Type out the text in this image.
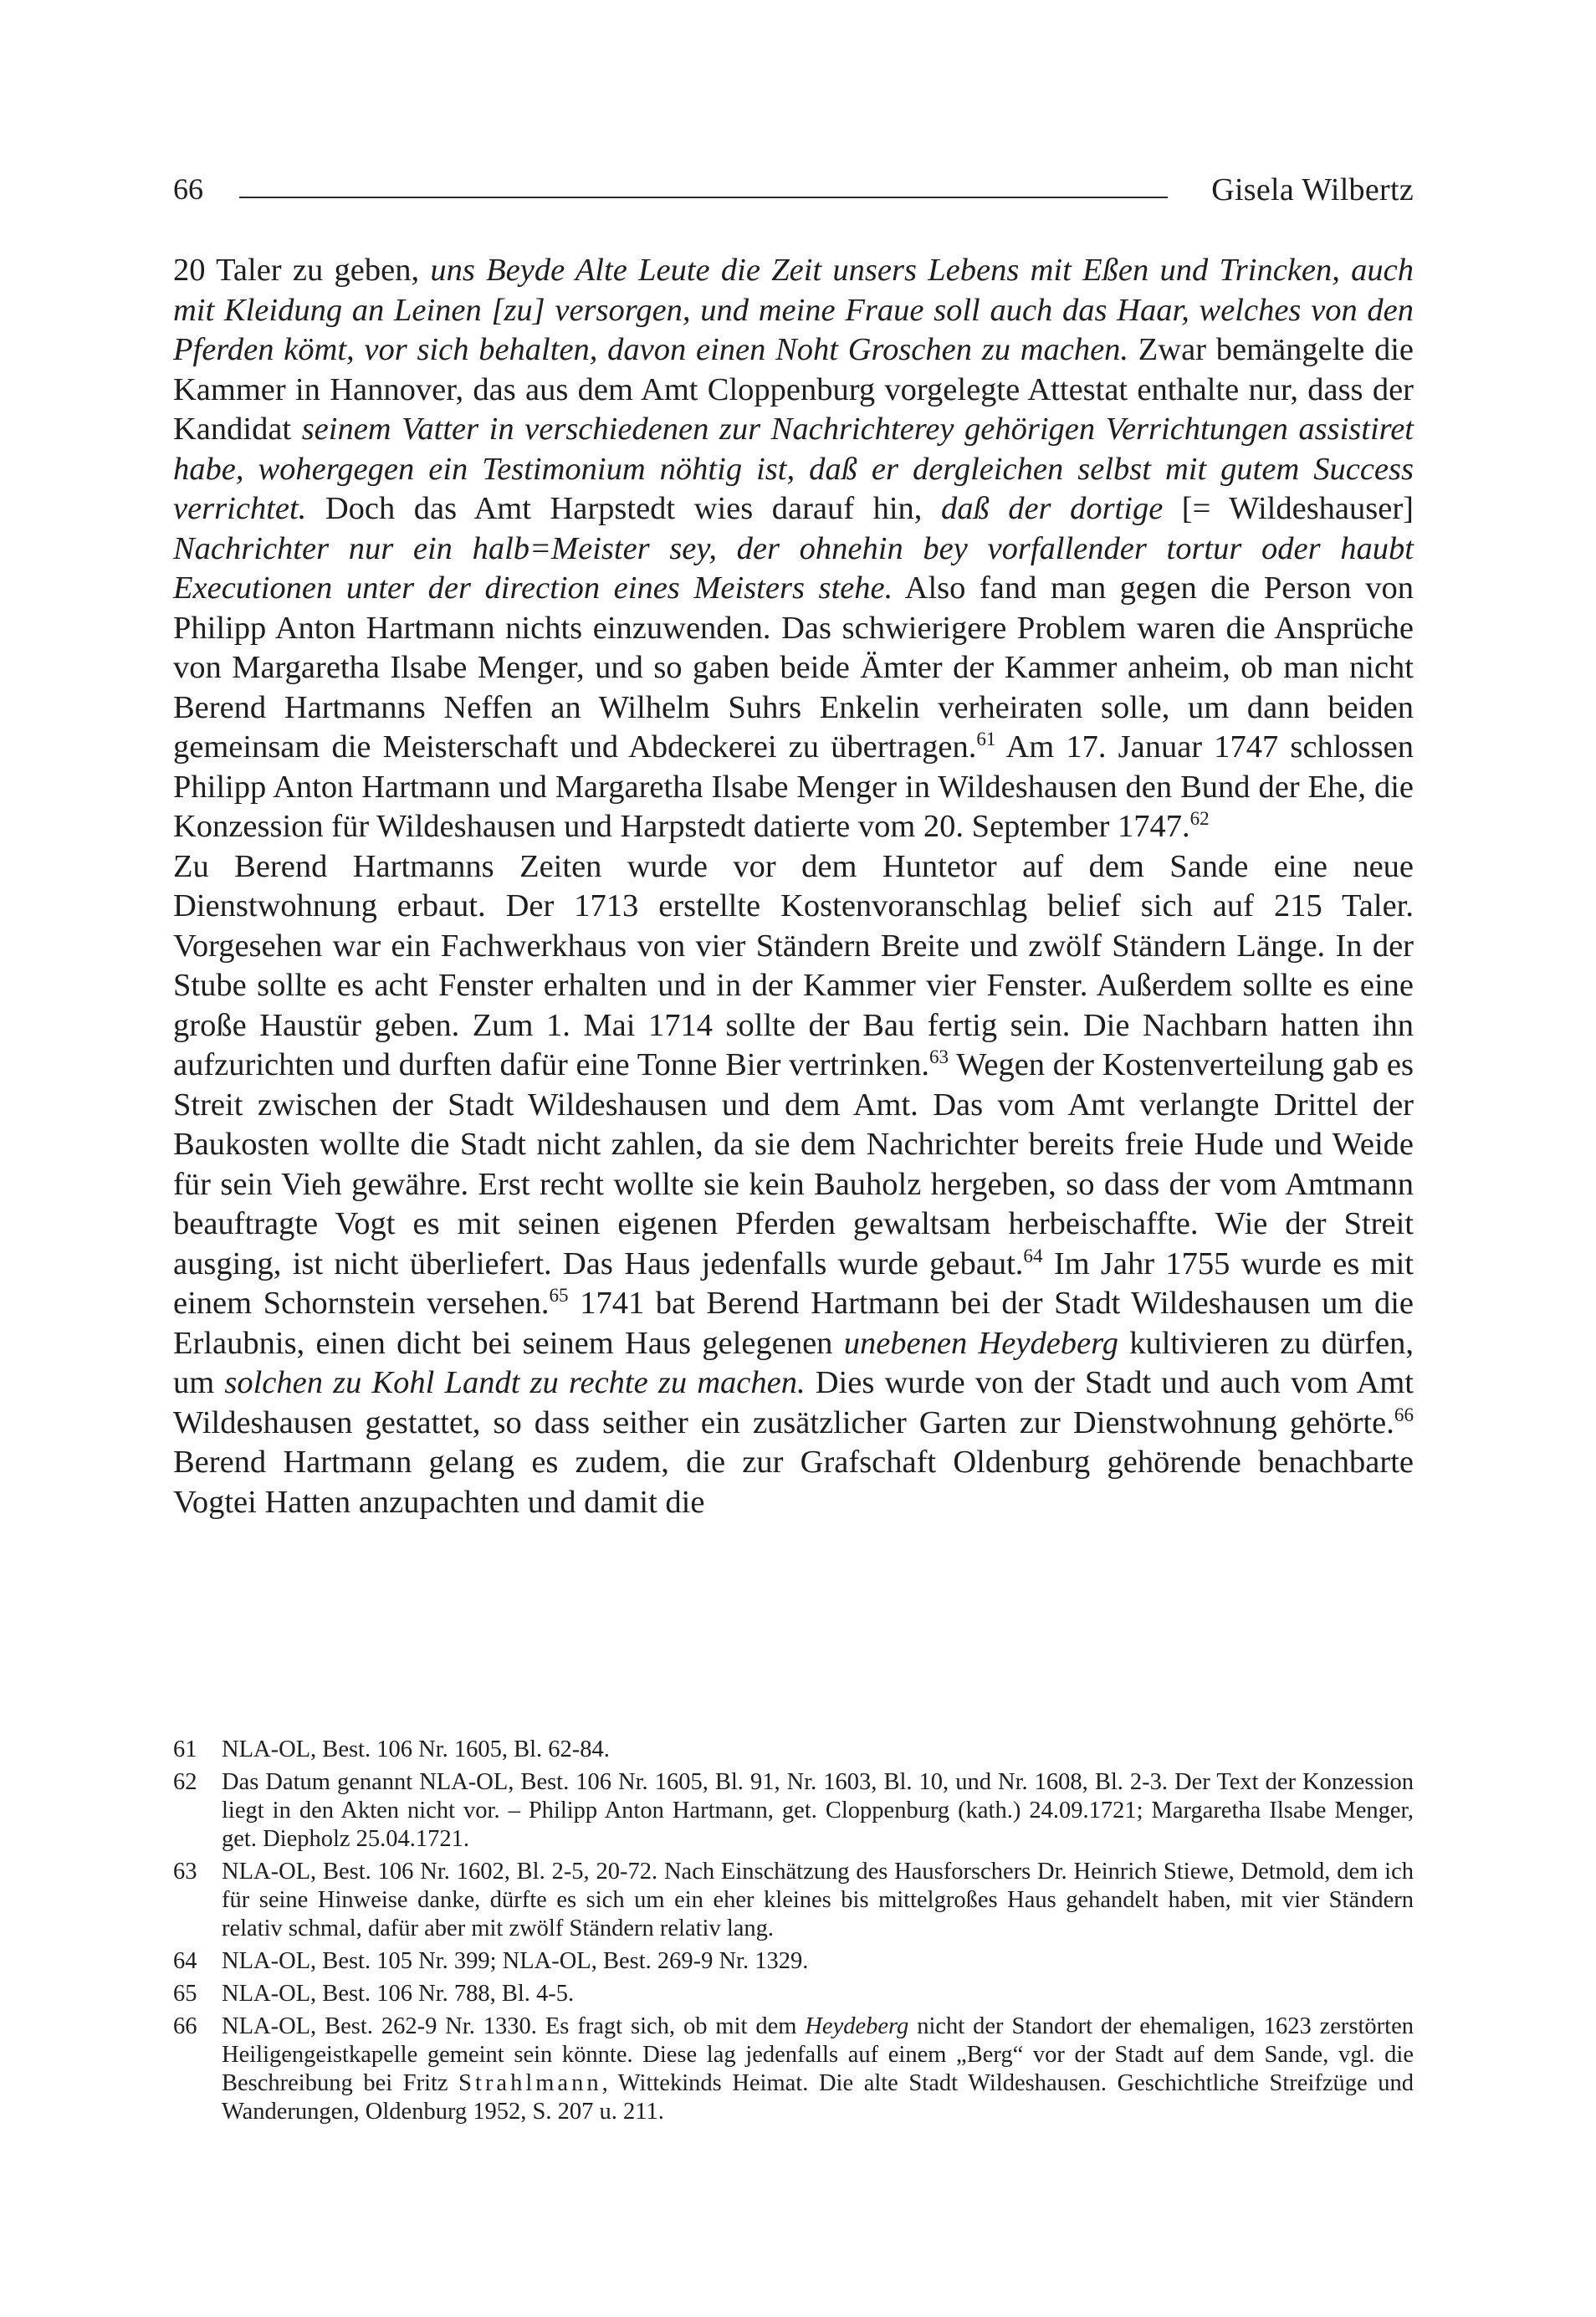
66	Gisela Wilbertz

20 Taler zu geben, uns Beyde Alte Leute die Zeit unsers Lebens mit Eßen und Trincken, auch mit Kleidung an Leinen [zu] versorgen, und meine Fraue soll auch das Haar, welches von den Pferden kömt, vor sich behalten, davon einen Noht Groschen zu machen. Zwar bemängelte die Kammer in Hannover, das aus dem Amt Cloppenburg vorgelegte Attestat enthalte nur, dass der Kandidat seinem Vatter in verschiedenen zur Nachrichterey gehörigen Verrichtungen assistiret habe, wohergegen ein Testimonium nöhtig ist, daß er dergleichen selbst mit gutem Success verrichtet. Doch das Amt Harpstedt wies darauf hin, daß der dortige [= Wildeshauser] Nachrichter nur ein halb=Meister sey, der ohnehin bey vorfallender tortur oder haubt Executionen unter der direction eines Meisters stehe. Also fand man gegen die Person von Philipp Anton Hartmann nichts einzuwenden. Das schwierigere Problem waren die Ansprüche von Margaretha Ilsabe Menger, und so gaben beide Ämter der Kammer anheim, ob man nicht Berend Hartmanns Neffen an Wilhelm Suhrs Enkelin verheiraten solle, um dann beiden gemeinsam die Meisterschaft und Abdeckerei zu übertragen.$^{61}$ Am 17. Januar 1747 schlossen Philipp Anton Hartmann und Margaretha Ilsabe Menger in Wildeshausen den Bund der Ehe, die Konzession für Wildeshausen und Harpstedt datierte vom 20. September 1747.62

Zu Berend Hartmanns Zeiten wurde vor dem Huntetor auf dem Sande eine neue Dienstwohnung erbaut. Der 1713 erstellte Kostenvoranschlag belief sich auf 215 Taler. Vorgesehen war ein Fachwerkhaus von vier Ständern Breite und zwölf Ständern Länge. In der Stube sollte es acht Fenster erhalten und in der Kammer vier Fenster. Außerdem sollte es eine große Haustür geben. Zum 1. Mai 1714 sollte der Bau fertig sein. Die Nachbarn hatten ihn aufzurichten und durften dafür eine Tonne Bier vertrinken.$^{63}$ Wegen der Kostenverteilung gab es Streit zwischen der Stadt Wildeshausen und dem Amt. Das vom Amt verlangte Drittel der Baukosten wollte die Stadt nicht zahlen, da sie dem Nachrichter bereits freie Hude und Weide für sein Vieh gewähre. Erst recht wollte sie kein Bauholz hergeben, so dass der vom Amtmann beauftragte Vogt es mit seinen eigenen Pferden gewaltsam herbeischaffte. Wie der Streit ausging, ist nicht überliefert. Das Haus jedenfalls wurde gebaut.$^{64}$ Im Jahr 1755 wurde es mit einem Schornstein versehen.$^{65}$ 1741 bat Berend Hartmann bei der Stadt Wildeshausen um die Erlaubnis, einen dicht bei seinem Haus gelegenen unebenen Heydeberg kultivieren zu dürfen, um solchen zu Kohl Landt zu rechte zu machen. Dies wurde von der Stadt und auch vom Amt Wildeshausen gestattet, so dass seither ein zusätzlicher Garten zur Dienstwohnung gehörte.$^{66}$ Berend Hartmann gelang es zudem, die zur Grafschaft Oldenburg gehörende benachbarte Vogtei Hatten anzupachten und damit die

61	NLA-OL, Best. 106 Nr. 1605, Bl. 62-84.
62	Das Datum genannt NLA-OL, Best. 106 Nr. 1605, Bl. 91, Nr. 1603, Bl. 10, und Nr. 1608, Bl. 2-3. Der Text der Konzession liegt in den Akten nicht vor. – Philipp Anton Hartmann, get. Cloppenburg (kath.) 24.09.1721; Margaretha Ilsabe Menger, get. Diepholz 25.04.1721.
63	NLA-OL, Best. 106 Nr. 1602, Bl. 2-5, 20-72. Nach Einschätzung des Hausforschers Dr. Heinrich Stiewe, Detmold, dem ich für seine Hinweise danke, dürfte es sich um ein eher kleines bis mittelgroßes Haus gehandelt haben, mit vier Ständern relativ schmal, dafür aber mit zwölf Ständern relativ lang.
64	NLA-OL, Best. 105 Nr. 399; NLA-OL, Best. 269-9 Nr. 1329.
65	NLA-OL, Best. 106 Nr. 788, Bl. 4-5.
66	NLA-OL, Best. 262-9 Nr. 1330. Es fragt sich, ob mit dem Heydeberg nicht der Standort der ehemaligen, 1623 zerstörten Heiligengeistkapelle gemeint sein könnte. Diese lag jedenfalls auf einem „Berg“ vor der Stadt auf dem Sande, vgl. die Beschreibung bei Fritz Strahlmann, Wittekinds Heimat. Die alte Stadt Wildeshausen. Geschichtliche Streifzüge und Wanderungen, Oldenburg 1952, S. 207 u. 211.
